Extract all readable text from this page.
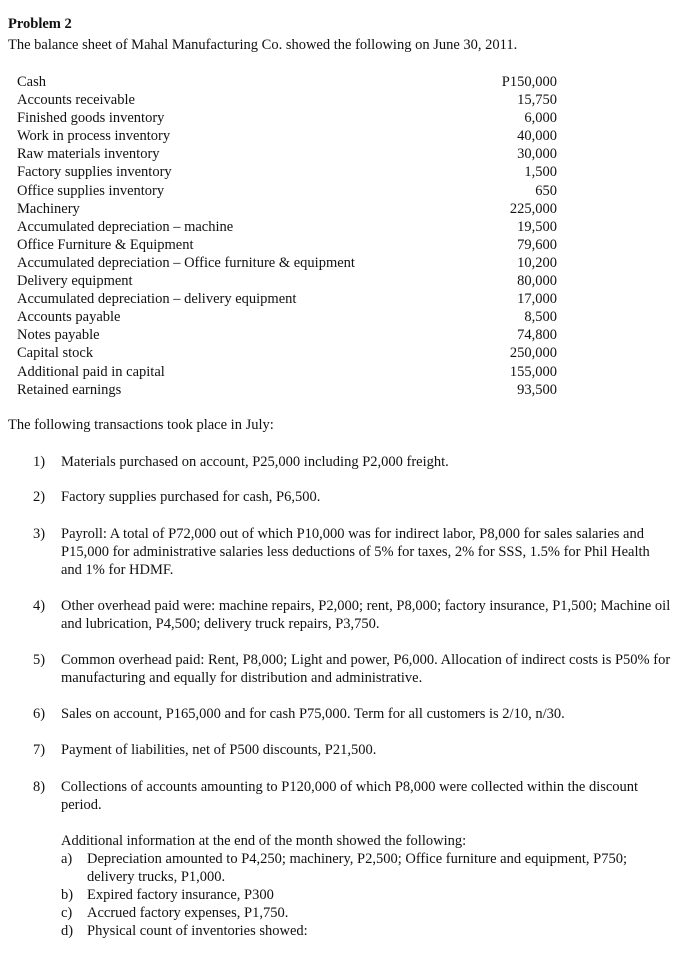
Problem 2
The balance sheet of Mahal Manufacturing Co. showed the following on June 30, 2011.
Cash	P150,000
Accounts receivable	15,750
Finished goods inventory	6,000
Work in process inventory	40,000
Raw materials inventory	30,000
Factory supplies inventory	1,500
Office supplies inventory	650
Machinery	225,000
Accumulated depreciation – machine	19,500
Office Furniture & Equipment	79,600
Accumulated depreciation – Office furniture & equipment	10,200
Delivery equipment	80,000
Accumulated depreciation – delivery equipment	17,000
Accounts payable	8,500
Notes payable	74,800
Capital stock	250,000
Additional paid in capital	155,000
Retained earnings	93,500
The following transactions took place in July:
1)	Materials purchased on account, P25,000 including P2,000 freight.
2)	Factory supplies purchased for cash, P6,500.
3)	Payroll: A total of P72,000 out of which P10,000 was for indirect labor, P8,000 for sales salaries and P15,000 for administrative salaries less deductions of 5% for taxes, 2% for SSS, 1.5% for Phil Health and 1% for HDMF.
4)	Other overhead paid were: machine repairs, P2,000; rent, P8,000; factory insurance, P1,500; Machine oil and lubrication, P4,500; delivery truck repairs, P3,750.
5)	Common overhead paid: Rent, P8,000; Light and power, P6,000. Allocation of indirect costs is P50% for manufacturing and equally for distribution and administrative.
6)	Sales on account, P165,000 and for cash P75,000. Term for all customers is 2/10, n/30.
7)	Payment of liabilities, net of P500 discounts, P21,500.
8)	Collections of accounts amounting to P120,000 of which P8,000 were collected within the discount period.
Additional information at the end of the month showed the following:
a)	Depreciation amounted to P4,250; machinery, P2,500; Office furniture and equipment, P750; delivery trucks, P1,000.
b) Expired factory insurance, P300
c)	Accrued factory expenses, P1,750.
d) Physical count of inventories showed:
